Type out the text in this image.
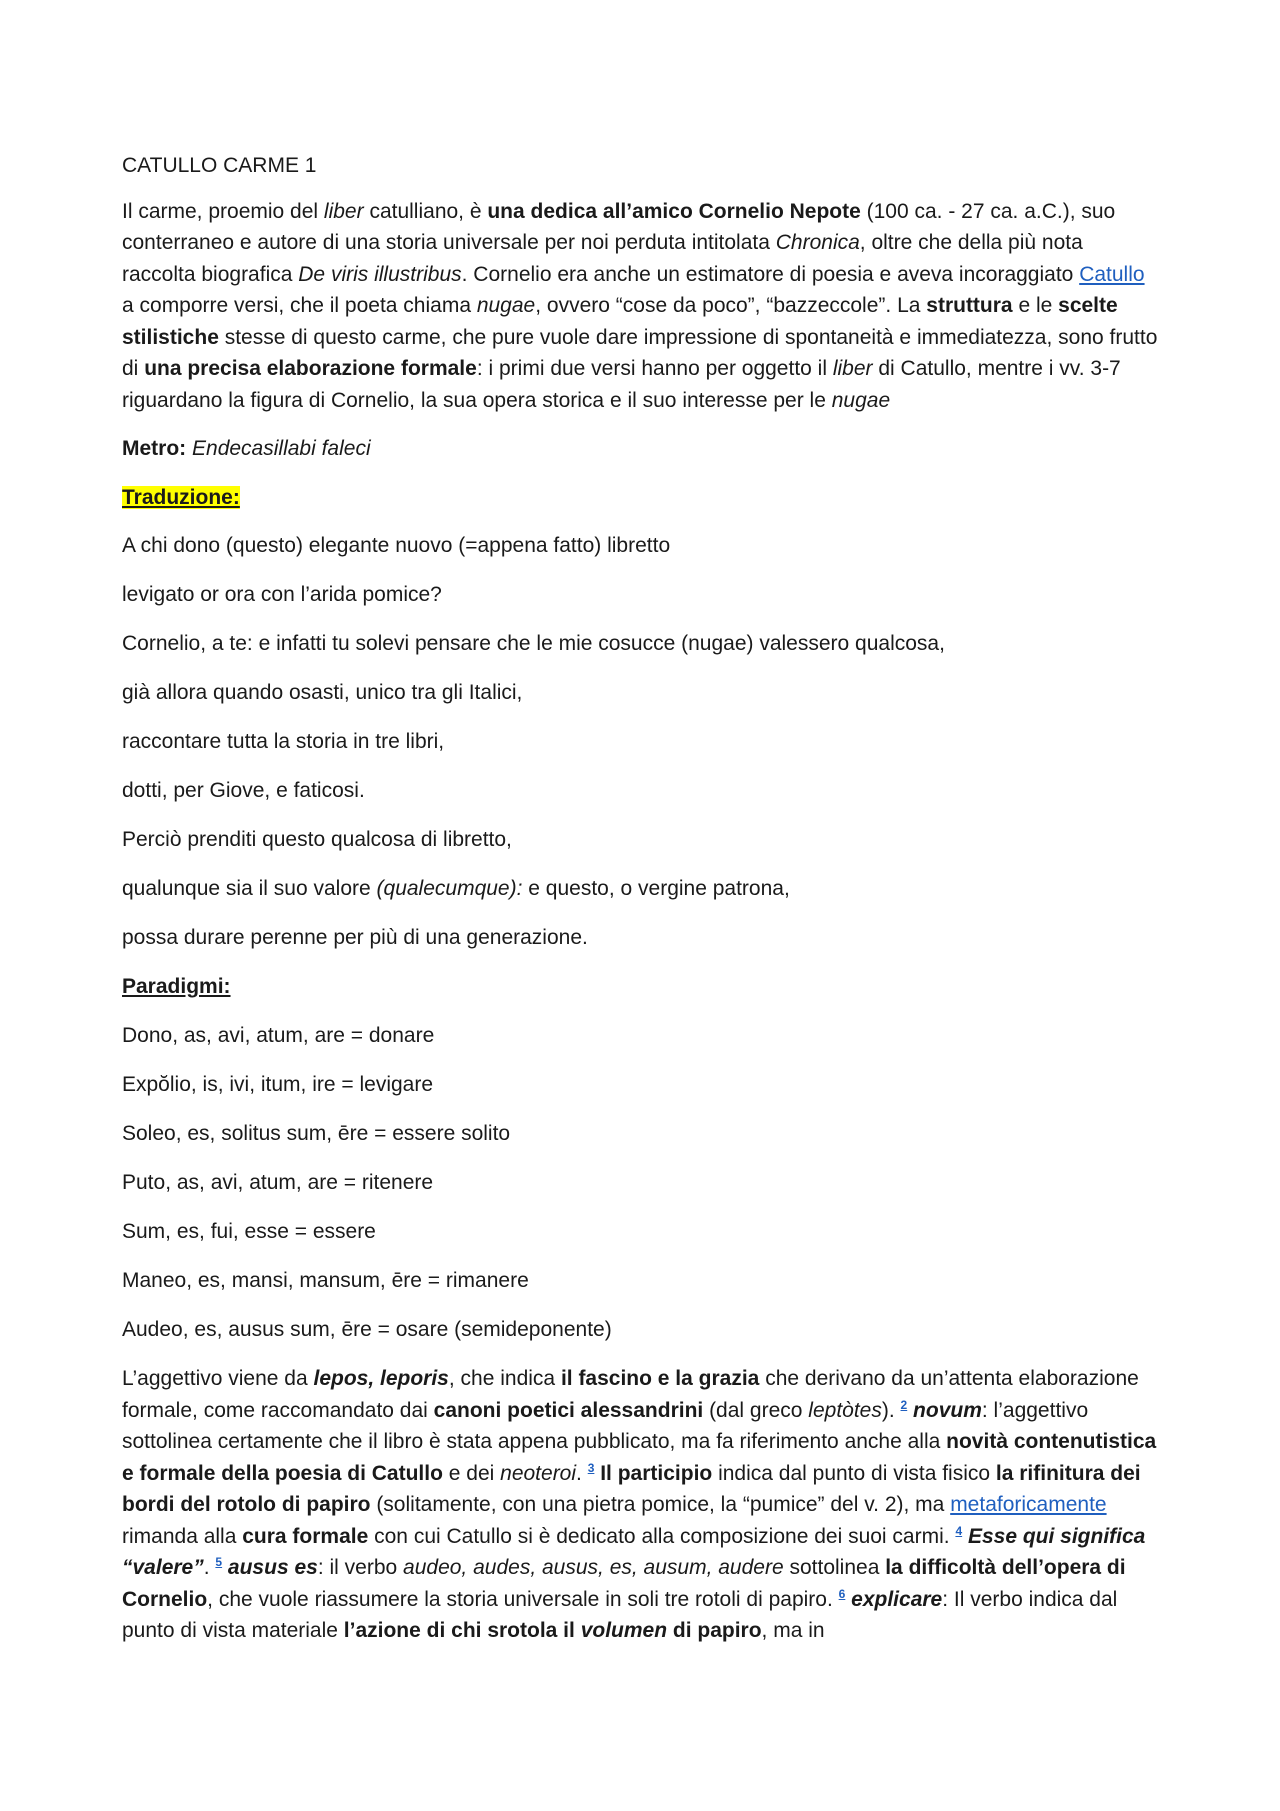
CATULLO CARME 1

Il carme, proemio del liber catulliano, è una dedica all’amico Cornelio Nepote (100 ca. - 27 ca. a.C.), suo conterraneo e autore di una storia universale per noi perduta intitolata Chronica, oltre che della più nota raccolta biografica De viris illustribus. Cornelio era anche un estimatore di poesia e aveva incoraggiato Catullo a comporre versi, che il poeta chiama nugae, ovvero “cose da poco”, “bazzeccole”. La struttura e le scelte stilistiche stesse di questo carme, che pure vuole dare impressione di spontaneità e immediatezza, sono frutto di una precisa elaborazione formale: i primi due versi hanno per oggetto il liber di Catullo, mentre i vv. 3-7 riguardano la figura di Cornelio, la sua opera storica e il suo interesse per le nugae

Metro: Endecasillabi faleci

Traduzione:

A chi dono (questo) elegante nuovo (=appena fatto) libretto

levigato or ora con l’arida pomice?

Cornelio, a te: e infatti tu solevi pensare che le mie cosucce (nugae) valessero qualcosa,

già allora quando osasti, unico tra gli Italici,

raccontare tutta la storia in tre libri,

dotti, per Giove, e faticosi.

Perciò prenditi questo qualcosa di libretto,

qualunque sia il suo valore (qualecumque): e questo, o vergine patrona,

possa durare perenne per più di una generazione.

Paradigmi:

Dono, as, avi, atum, are = donare

Expŏlio, is, ivi, itum, ire = levigare

Soleo, es, solitus sum, ēre = essere solito

Puto, as, avi, atum, are = ritenere

Sum, es, fui, esse = essere

Maneo, es, mansi, mansum, ēre = rimanere

Audeo, es, ausus sum, ēre = osare (semideponente)

L’aggettivo viene da lepos, leporis, che indica il fascino e la grazia che derivano da un’attenta elaborazione formale, come raccomandato dai canoni poetici alessandrini (dal greco leptòtes). $^2$ novum: l’aggettivo sottolinea certamente che il libro è stata appena pubblicato, ma fa riferimento anche alla novità contenutistica e formale della poesia di Catullo e dei neoteroi. $^3$ Il participio indica dal punto di vista fisico la rifinitura dei bordi del rotolo di papiro (solitamente, con una pietra pomice, la “pumice” del v. 2), ma metaforicamente rimanda alla cura formale con cui Catullo si è dedicato alla composizione dei suoi carmi. $^4$ Esse qui significa “valere”. $^5$ ausus es: il verbo audeo, audes, ausus, es, ausum, audere sottolinea la difficoltà dell’opera di Cornelio, che vuole riassumere la storia universale in soli tre rotoli di papiro. $^6$ explicare: Il verbo indica dal punto di vista materiale l’azione di chi srotola il volumen di papiro, ma in
